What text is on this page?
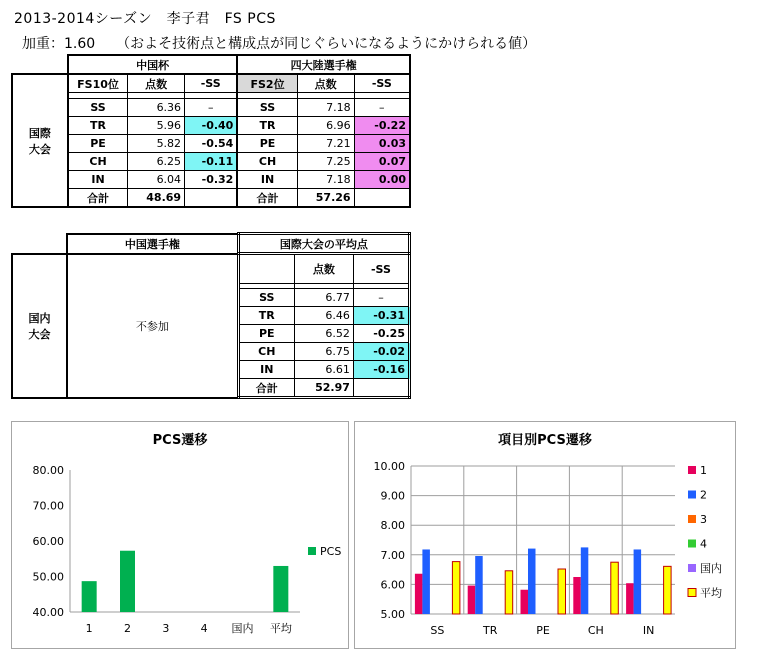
2013-2014シーズン　李子君　FS PCS
加重：1.60　　（およそ技術点と構成点が同じぐらいになるようにかけられる値）
	中国杯			四大陸選手権		
国際
大会	FS10位	点数	-SS	FS2位	点数	-SS

	SS	6.36	–	SS	7.18	–
	TR	5.96	-0.40	TR	6.96	-0.22
	PE	5.82	-0.54	PE	7.21	0.03
	CH	6.25	-0.11	CH	7.25	0.07
	IN	6.04	-0.32	IN	7.18	0.00
	合計	48.69		合計	57.26	
	中国選手権	国際大会の平均点		
国内
大会	不参加		点数	-SS

		SS	6.77	–
		TR	6.46	-0.31
		PE	6.52	-0.25
		CH	6.75	-0.02
		IN	6.61	-0.16
		合計	52.97	
PCS遷移
40.00
50.00
60.00
70.00
80.00
1	2	3	4 国内 平均
PCS
項目別PCS遷移
5.00
6.00
7.00
8.00
9.00
10.00
SS	TR	PE	CH	IN
1
2
3
4
国内
平均
